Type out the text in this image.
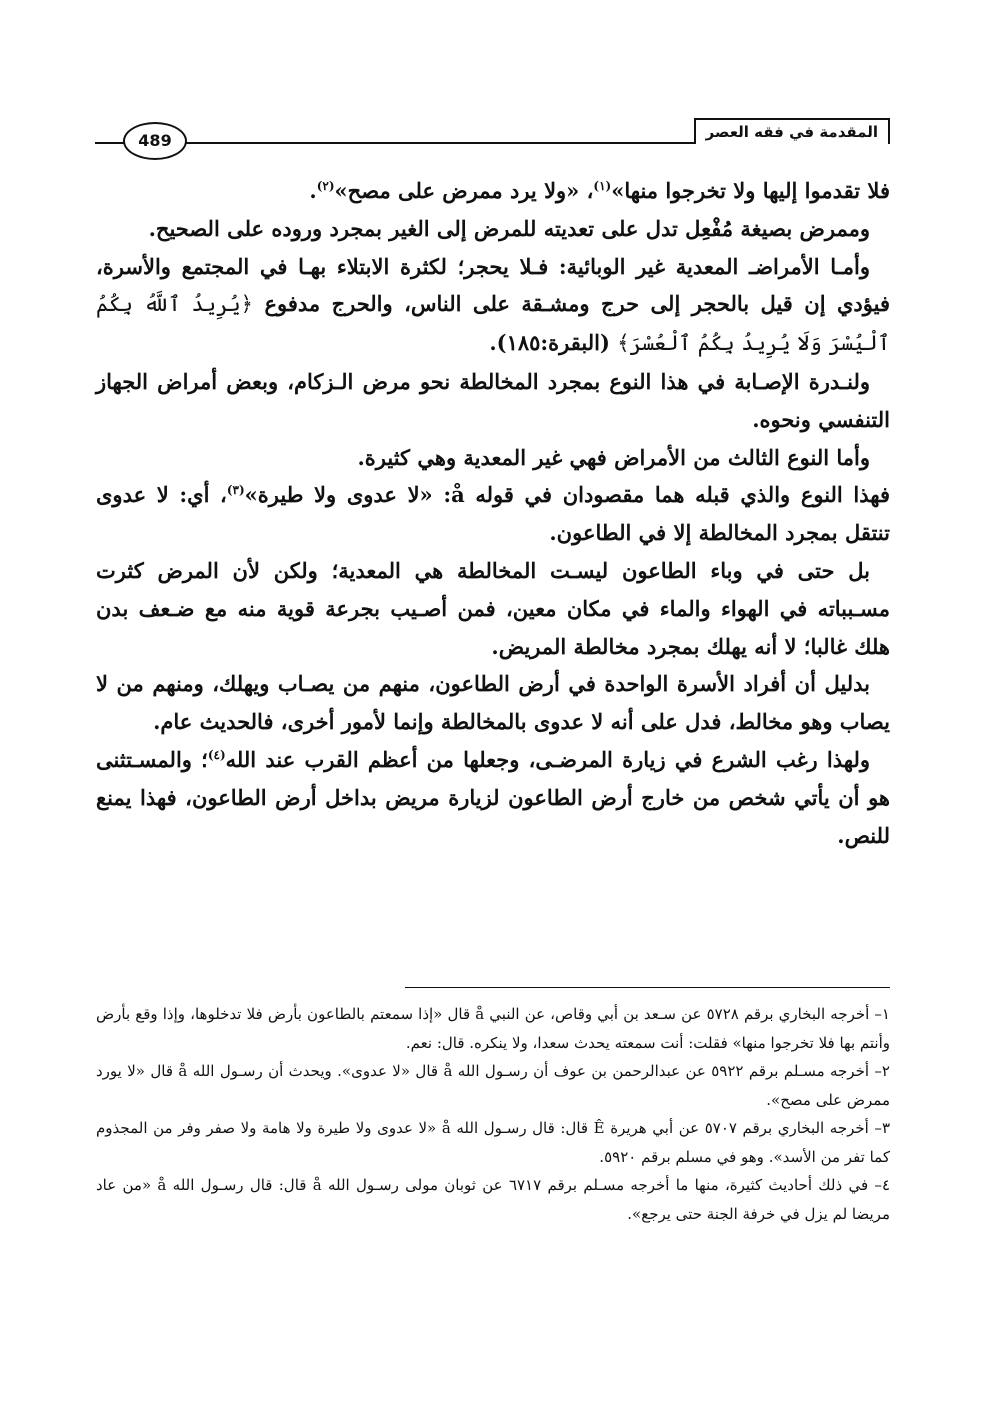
المقدمة في فقه العصر
489

فلا تقدموا إليها ولا تخرجوا منها»$^{(١)}$، «ولا يرد ممرض على مصح»$^{(٢)}$.

وممرض بصيغة مُفْعِل تدل على تعديته للمرض إلى الغير بمجرد وروده على الصحيح.

وأمـا الأمراضـ المعدية غير الوبائية: فـلا يحجر؛ لكثرة الابتلاء بهـا في المجتمع والأسرة، فيؤدي إن قيل بالحجر إلى حرج ومشـقة على الناس، والحرج مدفوع ﴿يُرِيدُ ٱللَّهُ بِكُمُ ٱلْيُسْرَ وَلَا يُرِيدُ بِكُمُ ٱلْعُسْرَ﴾ (البقرة:١٨٥).

ولنـدرة الإصـابة في هذا النوع بمجرد المخالطة نحو مرض الـزكام، وبعض أمراض الجهاز التنفسي ونحوه.

وأما النوع الثالث من الأمراض فهي غير المعدية وهي كثيرة.

فهذا النوع والذي قبله هما مقصودان في قوله å: «لا عدوى ولا طيرة»$^{(٣)}$، أي: لا عدوى تنتقل بمجرد المخالطة إلا في الطاعون.

بل حتى في وباء الطاعون ليسـت المخالطة هي المعدية؛ ولكن لأن المرض كثرت مسـبباته في الهواء والماء في مكان معين، فمن أصـيب بجرعة قوية منه مع ضـعف بدن هلك غالبا؛ لا أنه يهلك بمجرد مخالطة المريض.

بدليل أن أفراد الأسرة الواحدة في أرض الطاعون، منهم من يصـاب ويهلك، ومنهم من لا يصاب وهو مخالط، فدل على أنه لا عدوى بالمخالطة وإنما لأمور أخرى، فالحديث عام.

ولهذا رغب الشرع في زيارة المرضـى، وجعلها من أعظم القرب عند الله$^{(٤)}$؛ والمسـتثنى هو أن يأتي شخص من خارج أرض الطاعون لزيارة مريض بداخل أرض الطاعون، فهذا يمنع للنص.

١– أخرجه البخاري برقم ٥٧٢٨ عن سـعد بن أبي وقاص، عن النبي å قال «إذا سمعتم بالطاعون بأرض فلا تدخلوها، وإذا وقع بأرض وأنتم بها فلا تخرجوا منها» فقلت: أنت سمعته يحدث سعدا، ولا ينكره. قال: نعم.

٢– أخرجه مسـلم برقم ٥٩٢٢ عن عبدالرحمن بن عوف أن رسـول الله å قال «لا عدوى». ويحدث أن رسـول الله å قال «لا يورد ممرض على مصح».

٣– أخرجه البخاري برقم ٥٧٠٧ عن أبي هريرة Ê قال: قال رسـول الله å «لا عدوى ولا طيرة ولا هامة ولا صفر وفر من المجذوم كما تفر من الأسد». وهو في مسلم برقم ٥٩٢٠.

٤– في ذلك أحاديث كثيرة، منها ما أخرجه مسـلم برقم ٦٧١٧ عن ثوبان مولى رسـول الله å قال: قال رسـول الله å «من عاد مريضا لم يزل في خرفة الجنة حتى يرجع».
